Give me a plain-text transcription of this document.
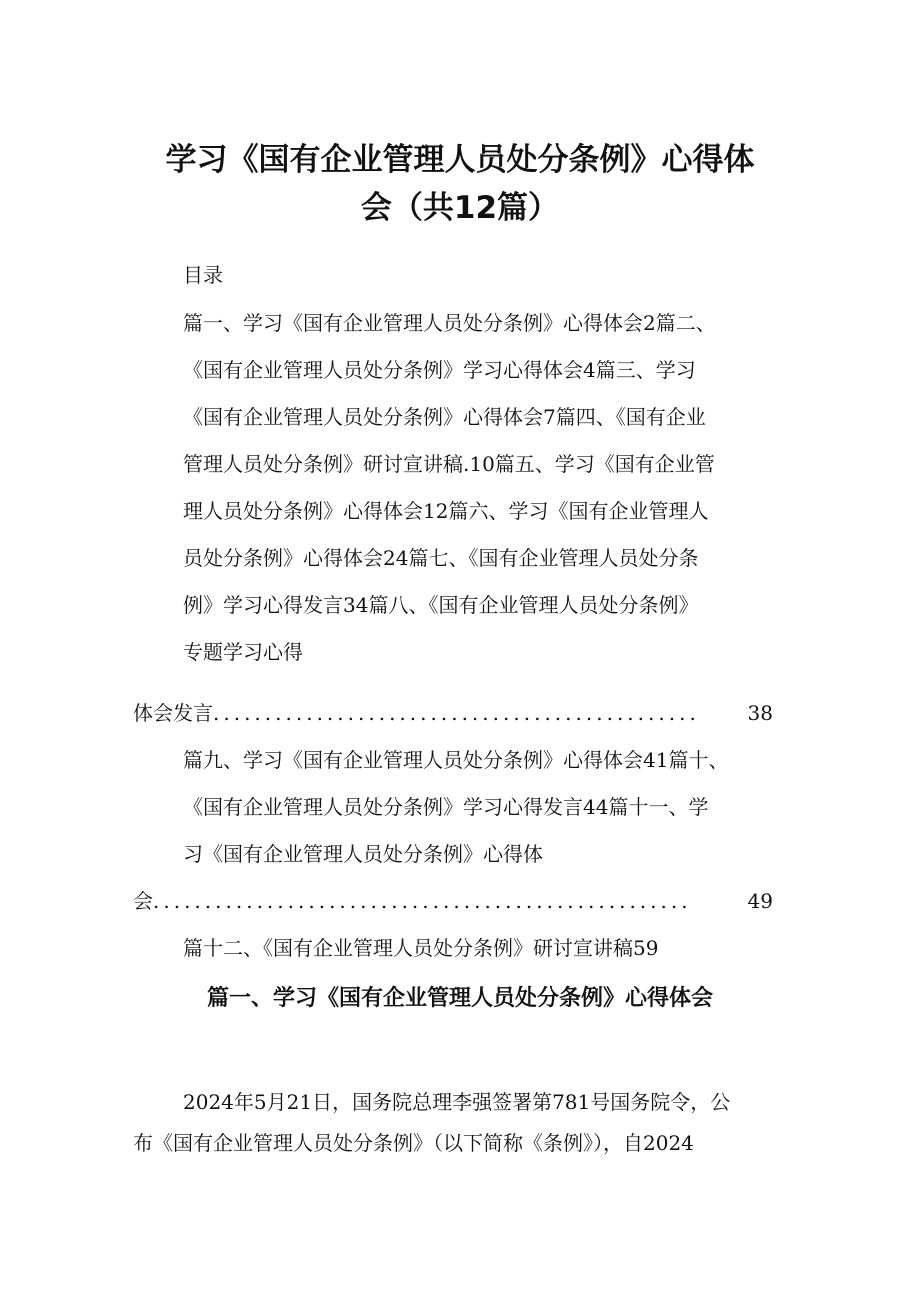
学习《国有企业管理人员处分条例》心得体
会（共12篇）

目录

篇一、学习《国有企业管理人员处分条例》心得体会2篇二、

《国有企业管理人员处分条例》学习心得体会4篇三、学习

《国有企业管理人员处分条例》心得体会7篇四、《国有企业

管理人员处分条例》研讨宣讲稿.10篇五、学习《国有企业管

理人员处分条例》心得体会12篇六、学习《国有企业管理人

员处分条例》心得体会24篇七、《国有企业管理人员处分条

例》学习心得发言34篇八、《国有企业管理人员处分条例》

专题学习心得

体会发言 ...............................................	38

篇九、学习《国有企业管理人员处分条例》心得体会41篇十、

《国有企业管理人员处分条例》学习心得发言44篇十一、学

习《国有企业管理人员处分条例》心得体

会 ....................................................	49

篇十二、《国有企业管理人员处分条例》研讨宣讲稿59

篇一、学习《国有企业管理人员处分条例》心得体会

2024年5月21日，国务院总理李强签署第781号国务院令，公

布《国有企业管理人员处分条例》（以下简称《条例》），自2024
